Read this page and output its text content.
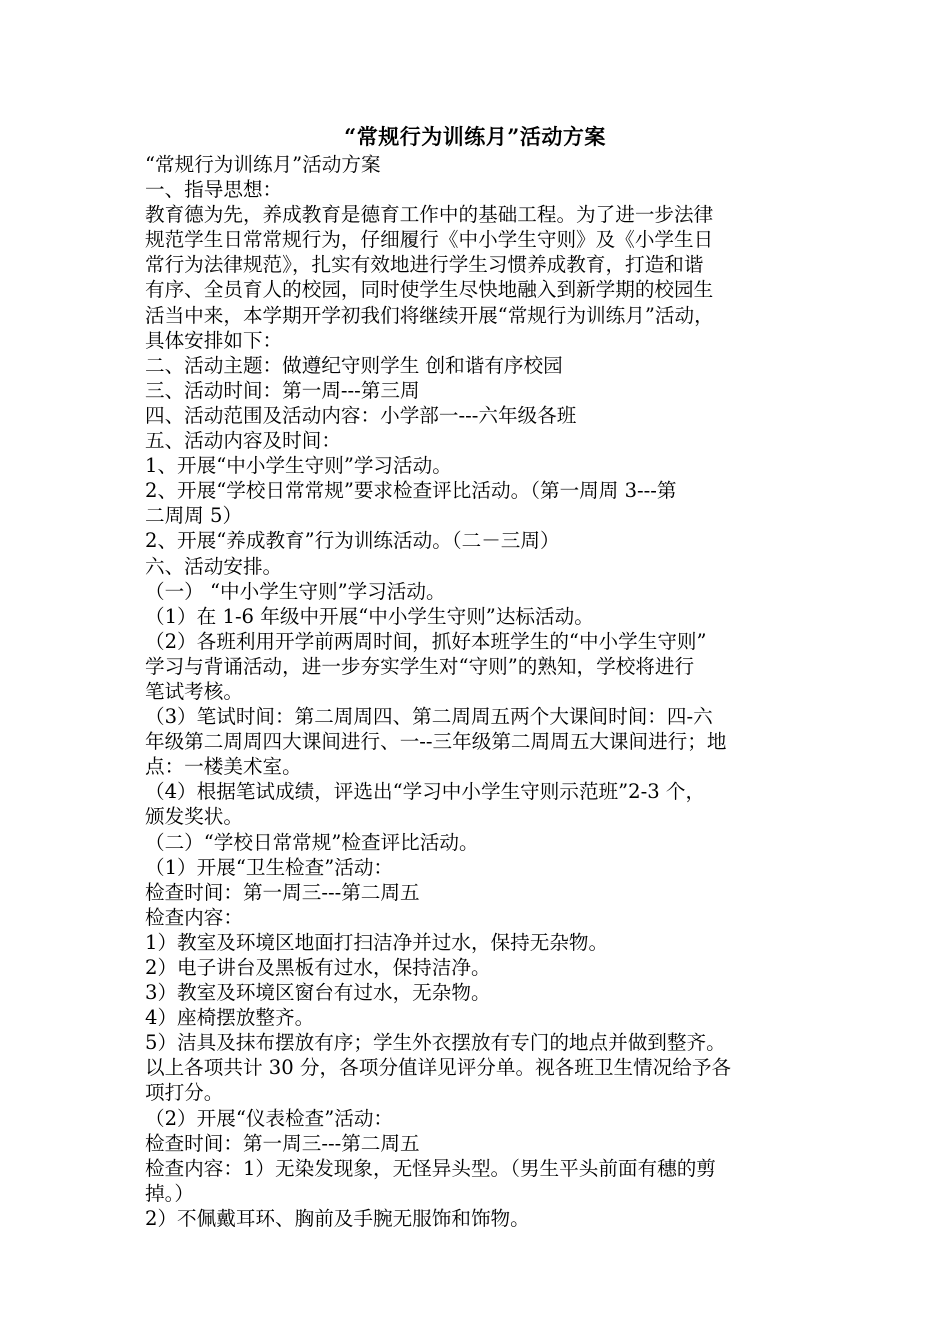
“常规行为训练月”活动方案
“常规行为训练月”活动方案
一、指导思想：
教育德为先，养成教育是德育工作中的基础工程。为了进一步法律
规范学生日常常规行为，仔细履行《中小学生守则》及《小学生日
常行为法律规范》，扎实有效地进行学生习惯养成教育，打造和谐
有序、全员育人的校园，同时使学生尽快地融入到新学期的校园生
活当中来，本学期开学初我们将继续开展“常规行为训练月”活动，
具体安排如下：
二、活动主题：做遵纪守则学生 创和谐有序校园
三、活动时间：第一周---第三周
四、活动范围及活动内容：小学部一---六年级各班
五、活动内容及时间：
1、开展“中小学生守则”学习活动。
2、开展“学校日常常规”要求检查评比活动。（第一周周 3---第
二周周 5）
2、开展“养成教育”行为训练活动。（二－三周）
六、活动安排。
（一） “中小学生守则”学习活动。
（1）在 1-6 年级中开展“中小学生守则”达标活动。
（2）各班利用开学前两周时间，抓好本班学生的“中小学生守则”
学习与背诵活动，进一步夯实学生对“守则”的熟知，学校将进行
笔试考核。
（3）笔试时间：第二周周四、第二周周五两个大课间时间：四-六
年级第二周周四大课间进行、一--三年级第二周周五大课间进行；地
点：一楼美术室。
（4）根据笔试成绩，评选出“学习中小学生守则示范班”2-3 个，
颁发奖状。
（二）“学校日常常规”检查评比活动。
（1）开展“卫生检查”活动：
检查时间：第一周三---第二周五
检查内容：
1）教室及环境区地面打扫洁净并过水，保持无杂物。
2）电子讲台及黑板有过水，保持洁净。
3）教室及环境区窗台有过水，无杂物。
4）座椅摆放整齐。
5）洁具及抹布摆放有序；学生外衣摆放有专门的地点并做到整齐。
以上各项共计 30 分，各项分值详见评分单。视各班卫生情况给予各
项打分。
（2）开展“仪表检查”活动：
检查时间：第一周三---第二周五
检查内容：1）无染发现象，无怪异头型。（男生平头前面有穗的剪
掉。）
2）不佩戴耳环、胸前及手腕无服饰和饰物。
